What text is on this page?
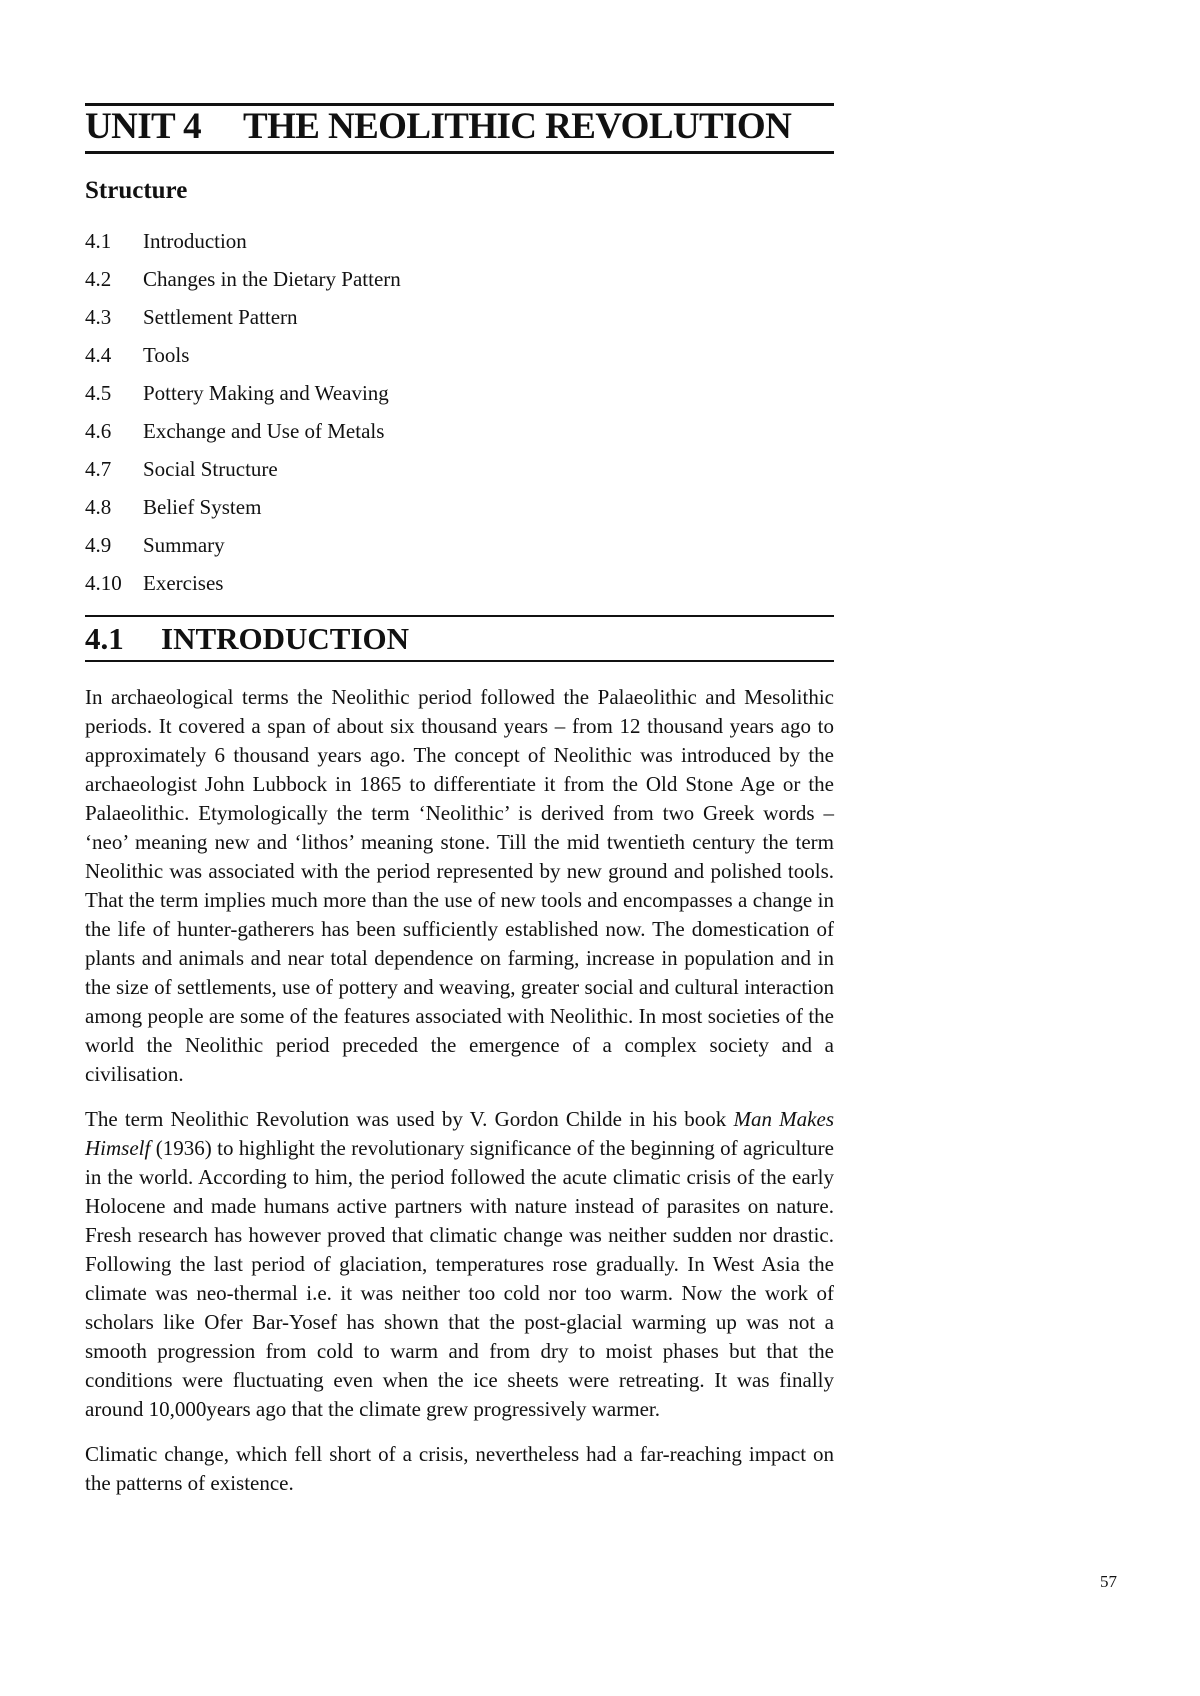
UNIT 4 THE NEOLITHIC REVOLUTION
Structure
4.1 Introduction
4.2 Changes in the Dietary Pattern
4.3 Settlement Pattern
4.4 Tools
4.5 Pottery Making and Weaving
4.6 Exchange and Use of Metals
4.7 Social Structure
4.8 Belief System
4.9 Summary
4.10 Exercises
4.1 INTRODUCTION

In archaeological terms the Neolithic period followed the Palaeolithic and Mesolithic periods. It covered a span of about six thousand years – from 12 thousand years ago to approximately 6 thousand years ago. The concept of Neolithic was introduced by the archaeologist John Lubbock in 1865 to differentiate it from the Old Stone Age or the Palaeolithic. Etymologically the term ‘Neolithic’ is derived from two Greek words – ‘neo’ meaning new and ‘lithos’ meaning stone. Till the mid twentieth century the term Neolithic was associated with the period represented by new ground and polished tools. That the term implies much more than the use of new tools and encompasses a change in the life of hunter-gatherers has been sufficiently established now. The domestication of plants and animals and near total dependence on farming, increase in population and in the size of settlements, use of pottery and weaving, greater social and cultural interaction among people are some of the features associated with Neolithic. In most societies of the world the Neolithic period preceded the emergence of a complex society and a civilisation.

The term Neolithic Revolution was used by V. Gordon Childe in his book Man Makes Himself (1936) to highlight the revolutionary significance of the beginning of agriculture in the world. According to him, the period followed the acute climatic crisis of the early Holocene and made humans active partners with nature instead of parasites on nature. Fresh research has however proved that climatic change was neither sudden nor drastic. Following the last period of glaciation, temperatures rose gradually. In West Asia the climate was neo-thermal i.e. it was neither too cold nor too warm. Now the work of scholars like Ofer Bar-Yosef has shown that the post-glacial warming up was not a smooth progression from cold to warm and from dry to moist phases but that the conditions were fluctuating even when the ice sheets were retreating. It was finally around 10,000years ago that the climate grew progressively warmer.

Climatic change, which fell short of a crisis, nevertheless had a far-reaching impact on the patterns of existence.

57
